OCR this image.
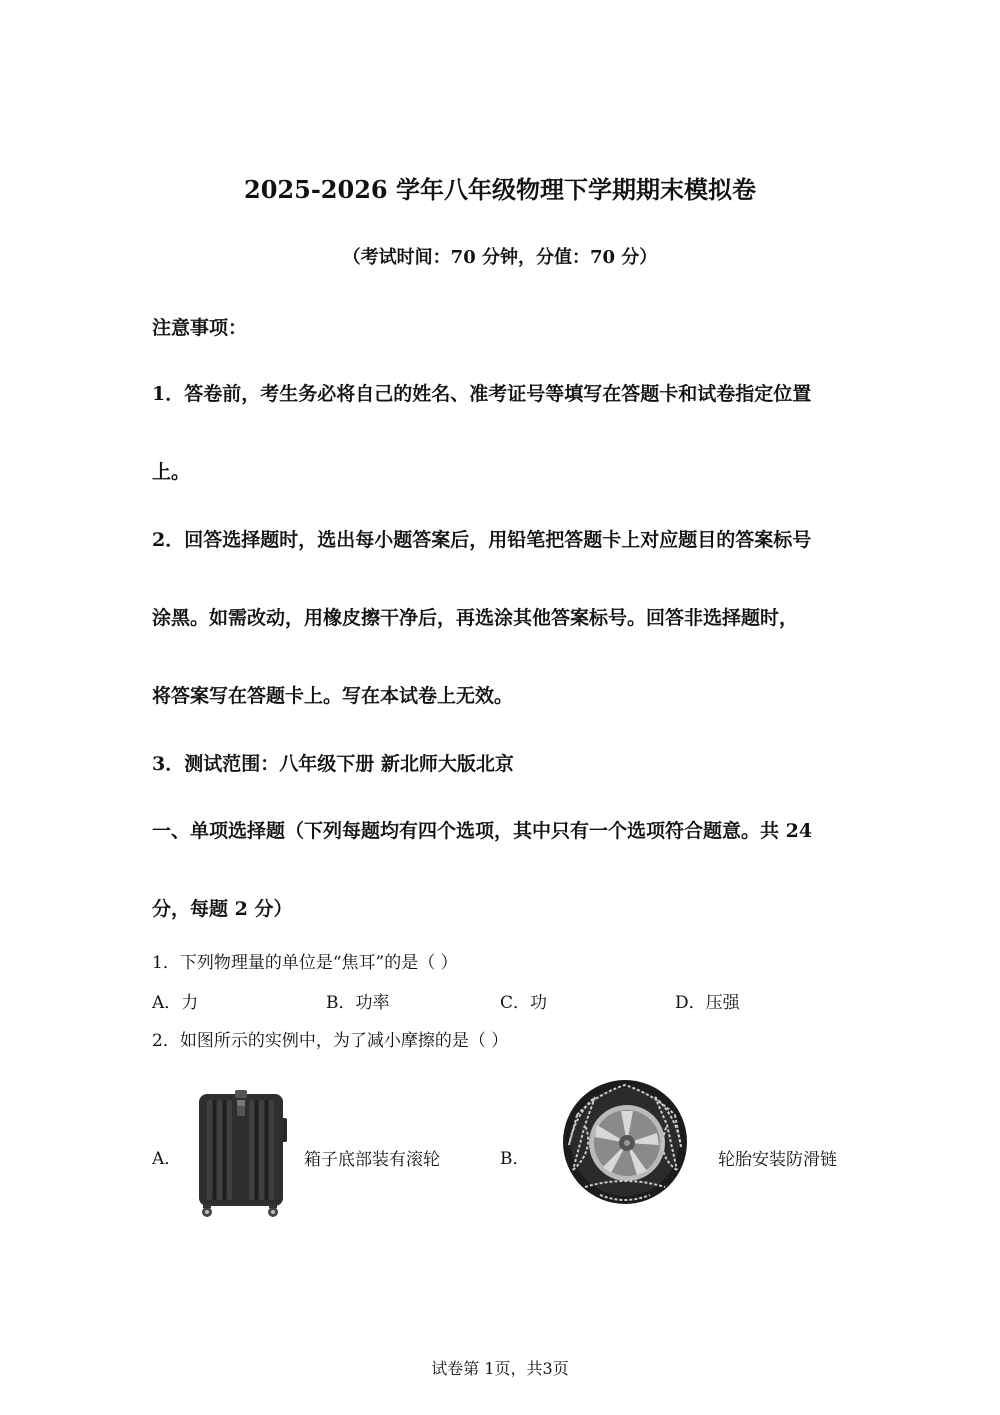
2025-2026 学年八年级物理下学期期末模拟卷
（考试时间：70 分钟，分值：70 分）
注意事项：
1．答卷前，考生务必将自己的姓名、准考证号等填写在答题卡和试卷指定位置
上。
2．回答选择题时，选出每小题答案后，用铅笔把答题卡上对应题目的答案标号
涂黑。如需改动，用橡皮擦干净后，再选涂其他答案标号。回答非选择题时，
将答案写在答题卡上。写在本试卷上无效。
3．测试范围：八年级下册 新北师大版北京
一、单项选择题（下列每题均有四个选项，其中只有一个选项符合题意。共 24
分，每题 2 分）
1．下列物理量的单位是“焦耳”的是（ ）
A．力	B．功率	C．功	D．压强
2．如图所示的实例中，为了减小摩擦的是（ ）
A．	箱子底部装有滚轮	B．	轮胎安装防滑链
试卷第 1页，共3页
